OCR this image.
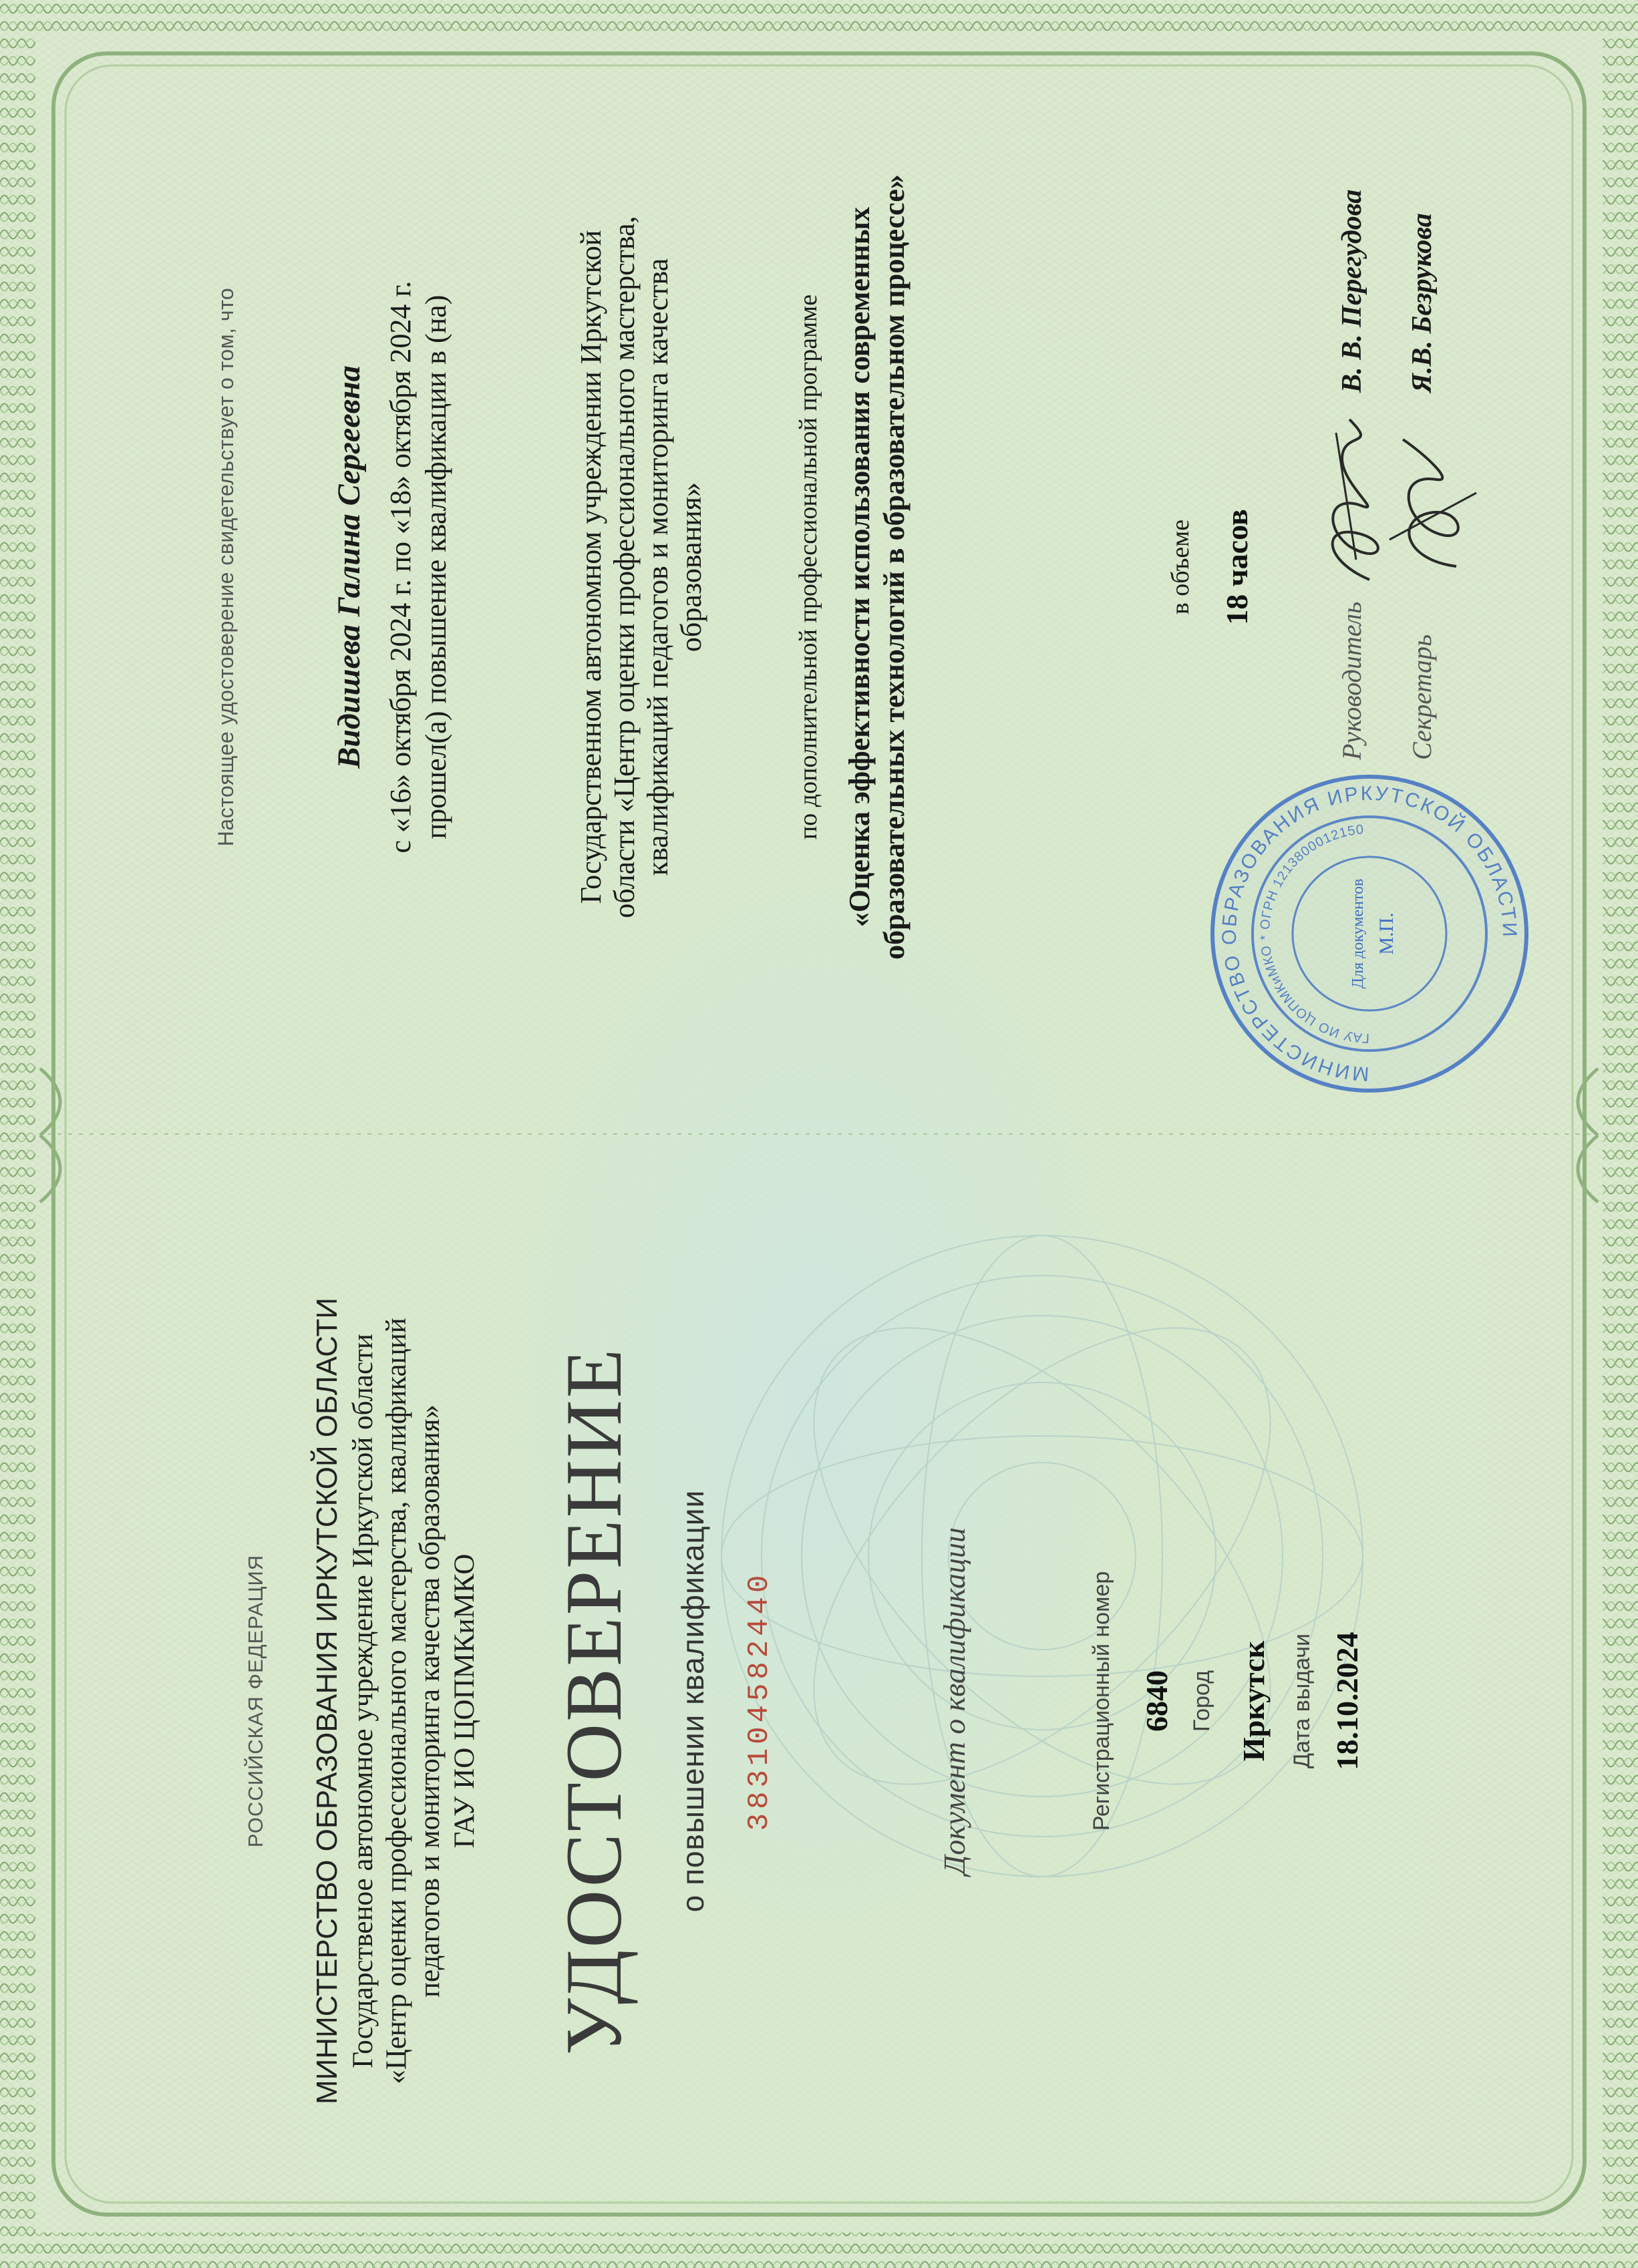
РОССИЙСКАЯ ФЕДЕРАЦИЯ МИНИСТЕРСТВО ОБРАЗОВАНИЯ ИРКУТСКОЙ ОБЛАСТИ Государственое автономное учреждение Иркутской области «Центр оценки профессионального мастерства, квалификаций педагогов и мониторинга качества образования» ГАУ ИО ЦОПМКиМКО УДОСТОВЕРЕНИЕ о повышении квалификации 383104582440	Документ о квалификации	Регистрационный номер 6840 Город Иркутск Дата выдачи 18.10.2024
Настоящее удостоверение свидетельствует о том, что	Видишева Галина Сергеевна с «16» октября 2024 г. по «18» октября 2024 г. прошел(а) повышение квалификации в (на)	Государственном автономном учреждении Иркутской области «Центр оценки профессионального мастерства, квалификаций педагогов и мониторинга качества образования»	по дополнительной профессиональной программе «Оценка эффективности использования современных образовательных технологий в образовательном процессе»	в объеме 18 часов
Руководитель
В. В. Перегудова
Секретарь
Я.В. Безрукова
МИНИСТЕРСТВО ОБРАЗОВАНИЯ ИРКУТСКОЙ ОБЛАСТИ
ГАУ ИО ЦОПМКиМКО * ОГРН 1213800012150
Для документов М.П.
